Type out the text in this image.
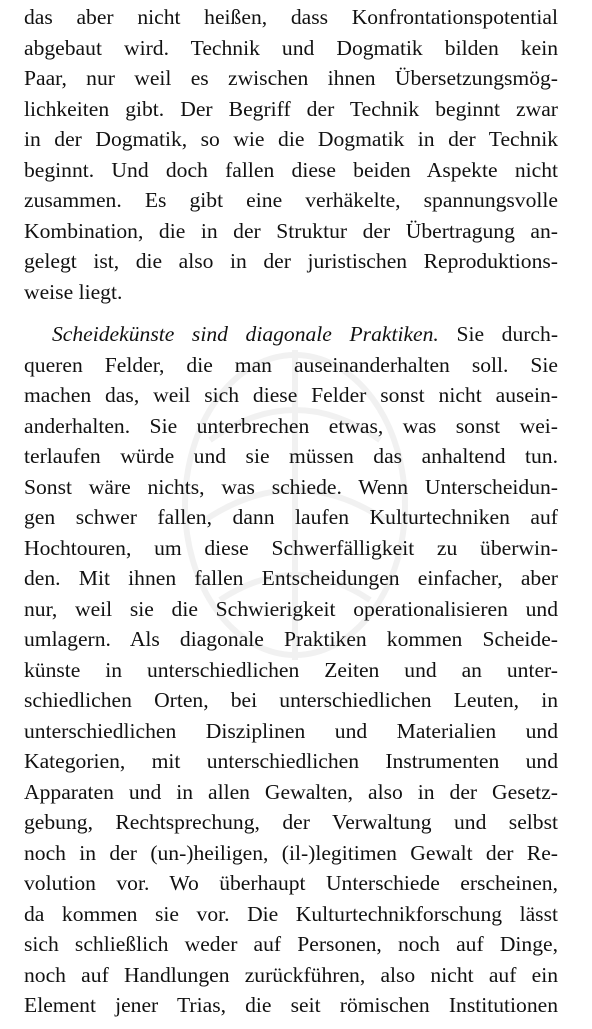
das aber nicht heißen, dass Konfrontationspotential
abgebaut wird. Technik und Dogmatik bilden kein
Paar, nur weil es zwischen ihnen Übersetzungsmög-
lichkeiten gibt. Der Begriff der Technik beginnt zwar
in der Dogmatik, so wie die Dogmatik in der Technik
beginnt. Und doch fallen diese beiden Aspekte nicht
zusammen. Es gibt eine verhäkelte, spannungsvolle
Kombination, die in der Struktur der Übertragung an-
gelegt ist, die also in der juristischen Reproduktions-
weise liegt.
Scheidekünste sind diagonale Praktiken. Sie durch-
queren Felder, die man auseinanderhalten soll. Sie
machen das, weil sich diese Felder sonst nicht ausein-
anderhalten. Sie unterbrechen etwas, was sonst wei-
terlaufen würde und sie müssen das anhaltend tun.
Sonst wäre nichts, was schiede. Wenn Unterscheidun-
gen schwer fallen, dann laufen Kulturtechniken auf
Hochtouren, um diese Schwerfälligkeit zu überwin-
den. Mit ihnen fallen Entscheidungen einfacher, aber
nur, weil sie die Schwierigkeit operationalisieren und
umlagern. Als diagonale Praktiken kommen Scheide-
künste in unterschiedlichen Zeiten und an unter-
schiedlichen Orten, bei unterschiedlichen Leuten, in
unterschiedlichen Disziplinen und Materialien und
Kategorien, mit unterschiedlichen Instrumenten und
Apparaten und in allen Gewalten, also in der Gesetz-
gebung, Rechtsprechung, der Verwaltung und selbst
noch in der (un-)heiligen, (il-)legitimen Gewalt der Re-
volution vor. Wo überhaupt Unterschiede erscheinen,
da kommen sie vor. Die Kulturtechnikforschung lässt
sich schließlich weder auf Personen, noch auf Dinge,
noch auf Handlungen zurückführen, also nicht auf ein
Element jener Trias, die seit römischen Institutionen
